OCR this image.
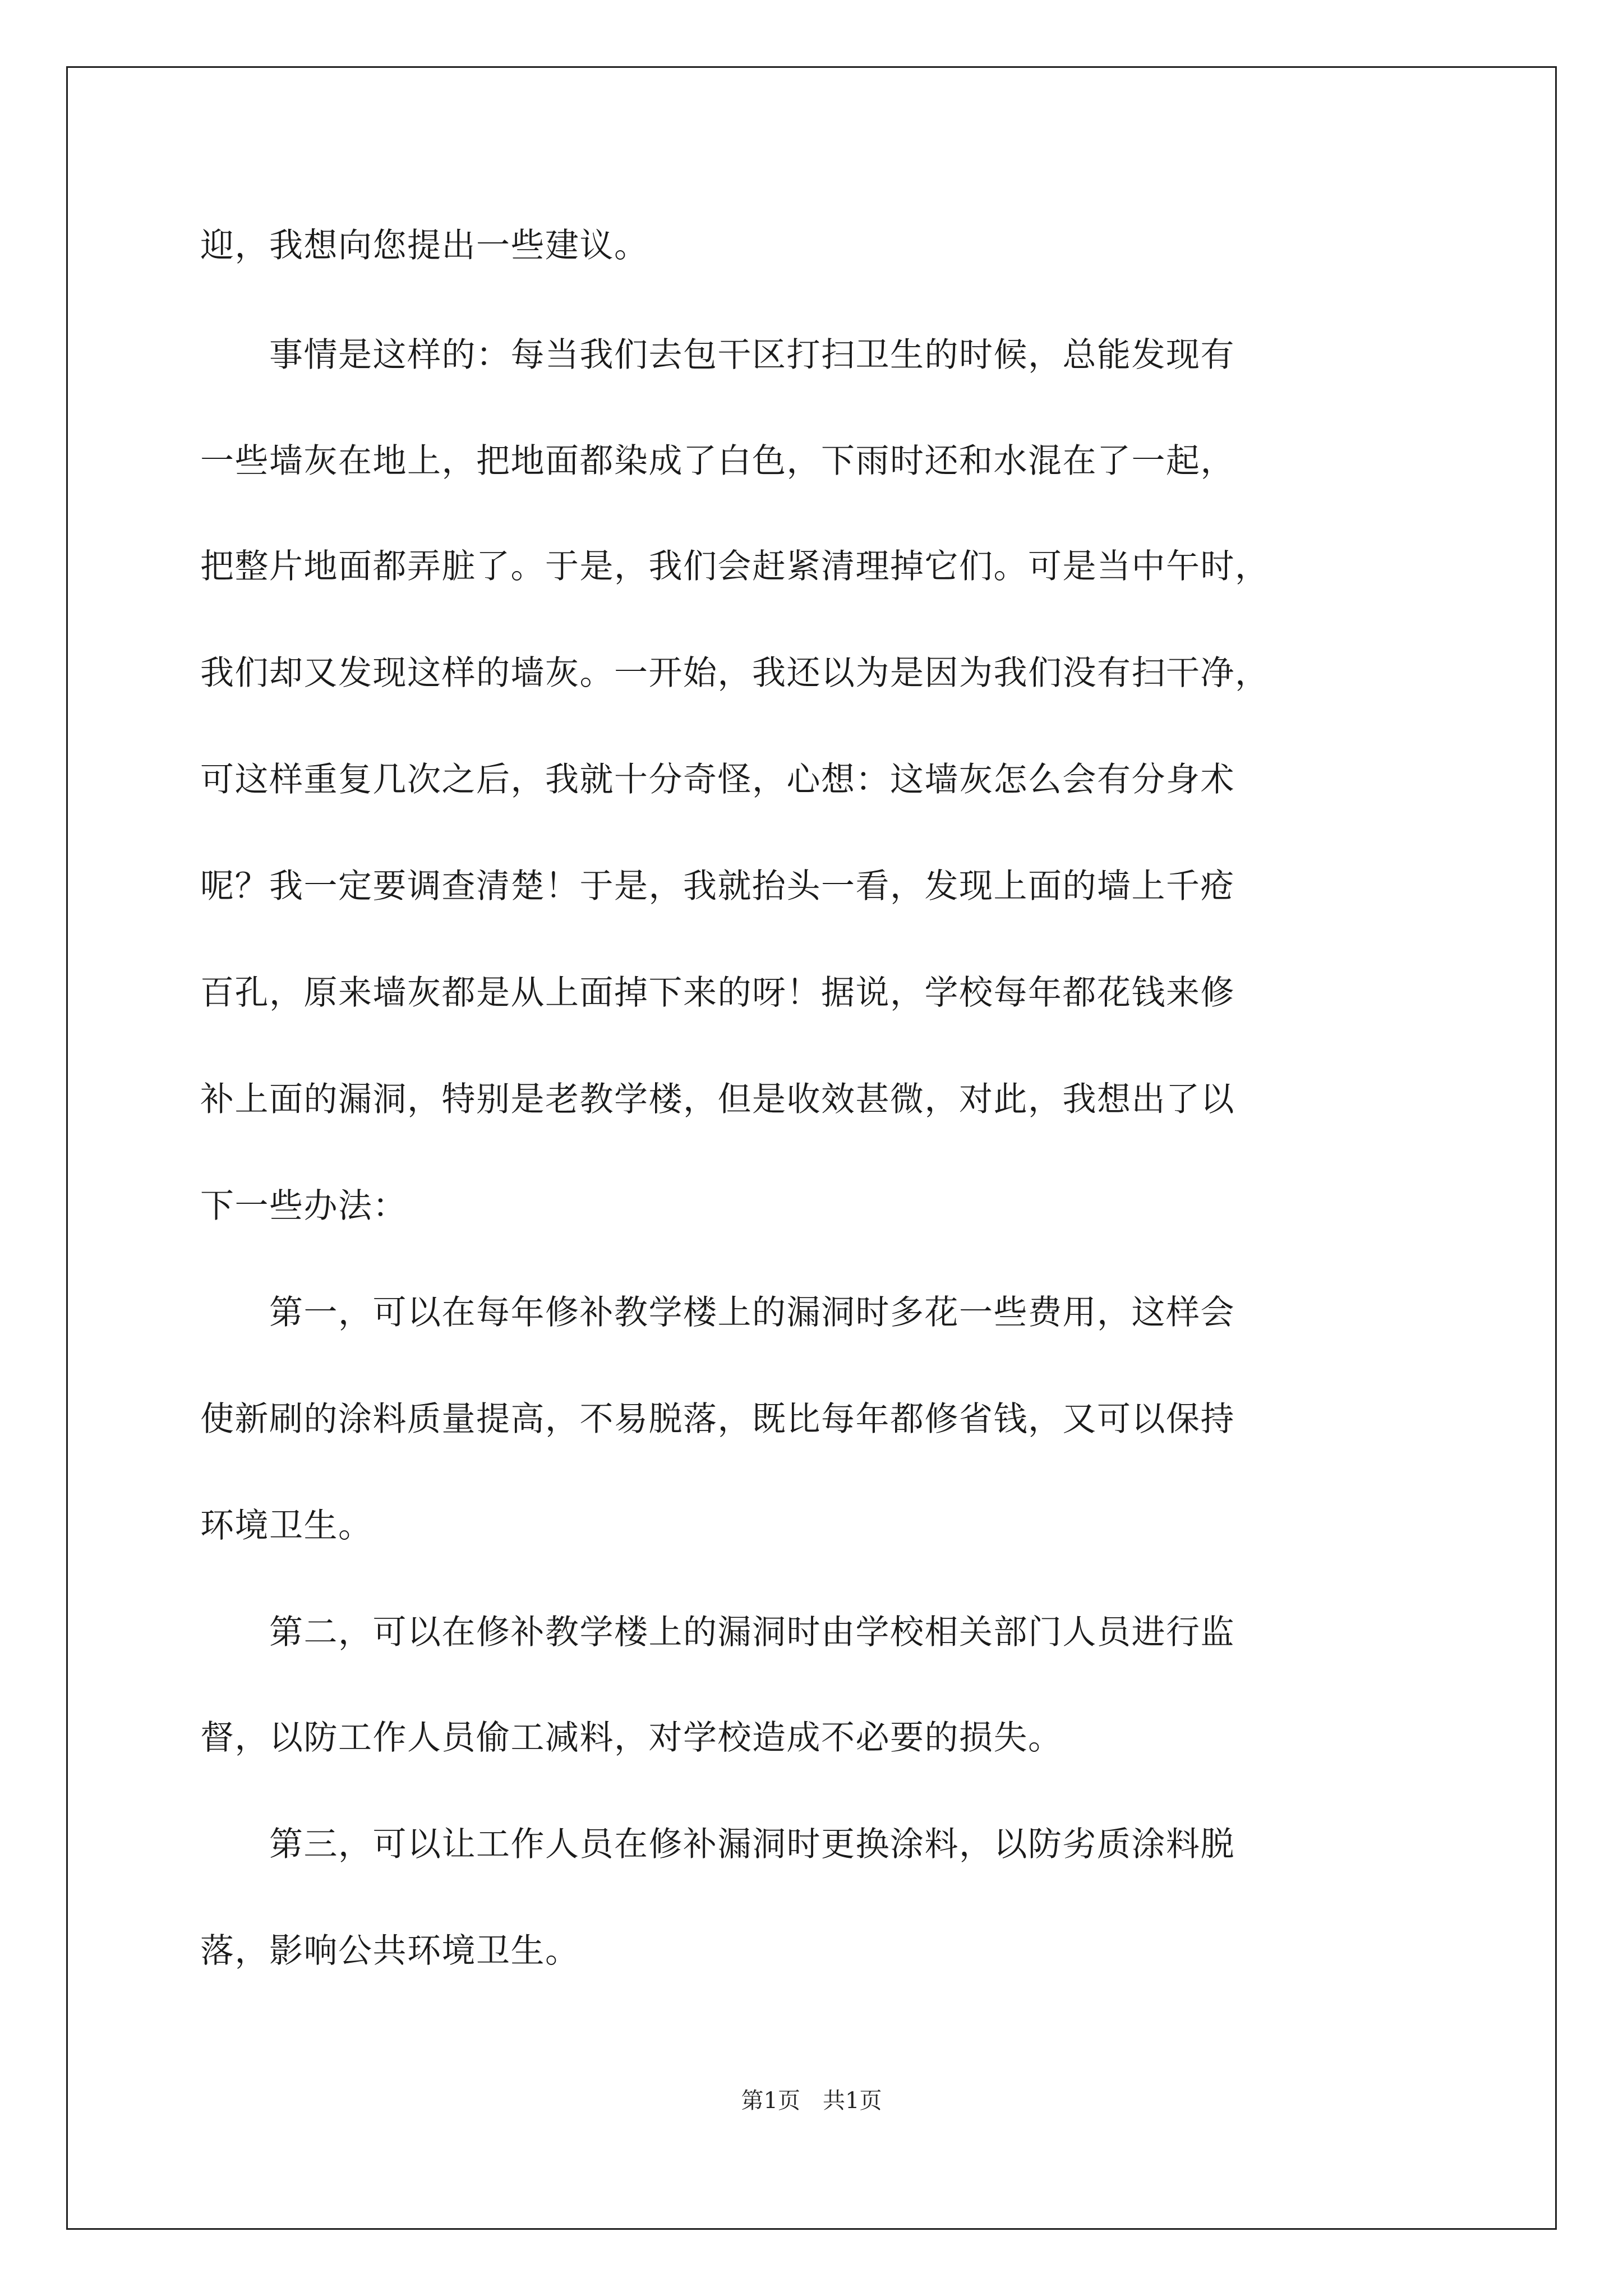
迎，我想向您提出一些建议。

　　事情是这样的：每当我们去包干区打扫卫生的时候，总能发现有

一些墙灰在地上，把地面都染成了白色，下雨时还和水混在了一起，

把整片地面都弄脏了。于是，我们会赶紧清理掉它们。可是当中午时，

我们却又发现这样的墙灰。一开始，我还以为是因为我们没有扫干净，

可这样重复几次之后，我就十分奇怪，心想：这墙灰怎么会有分身术

呢？我一定要调查清楚！于是，我就抬头一看，发现上面的墙上千疮

百孔，原来墙灰都是从上面掉下来的呀！据说，学校每年都花钱来修

补上面的漏洞，特别是老教学楼，但是收效甚微，对此，我想出了以

下一些办法：

　　第一，可以在每年修补教学楼上的漏洞时多花一些费用，这样会

使新刷的涂料质量提高，不易脱落，既比每年都修省钱，又可以保持

环境卫生。

　　第二，可以在修补教学楼上的漏洞时由学校相关部门人员进行监

督，以防工作人员偷工减料，对学校造成不必要的损失。

　　第三，可以让工作人员在修补漏洞时更换涂料，以防劣质涂料脱

落，影响公共环境卫生。

第1页　共1页
